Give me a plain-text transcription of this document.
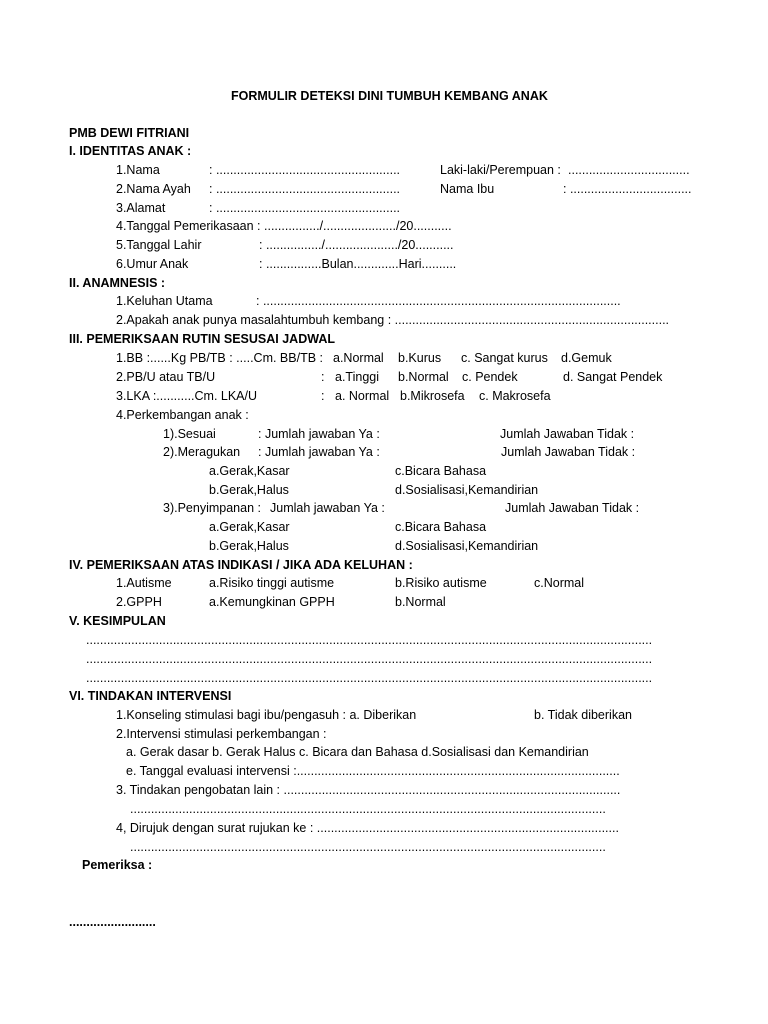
FORMULIR DETEKSI DINI TUMBUH KEMBANG ANAK
PMB DEWI FITRIANI
I. IDENTITAS ANAK :
1.Nama	: .....................................................	Laki-laki/Perempuan : ...................................
2.Nama Ayah : .....................................................	Nama Ibu	: ...................................
3.Alamat	: .....................................................
4.Tanggal Pemerikasaan : ................/...................../20...........
5.Tanggal Lahir	: ................/...................../20...........
6.Umur Anak	: ................Bulan.............Hari..........
II. ANAMNESIS :
1.Keluhan Utama	: .......................................................................................................
2.Apakah anak punya masalahtumbuh kembang : ...............................................................................
III. PEMERIKSAAN RUTIN SESUSAI JADWAL
1.BB :......Kg PB/TB : .....Cm. BB/TB : a.Normal b.Kurus c. Sangat kurus d.Gemuk
2.PB/U atau TB/U	: a.Tinggi b.Normal c. Pendek	d. Sangat Pendek
3.LKA :...........Cm. LKA/U	: a. Normal b.Mikrosefa c. Makrosefa
4.Perkembangan anak :
1).Sesuai	: Jumlah jawaban Ya :	Jumlah Jawaban Tidak :
2).Meragukan : Jumlah jawaban Ya :	Jumlah Jawaban Tidak :
a.Gerak,Kasar	c.Bicara Bahasa
b.Gerak,Halus	d.Sosialisasi,Kemandirian
3).Penyimpanan : Jumlah jawaban Ya :	Jumlah Jawaban Tidak :
a.Gerak,Kasar	c.Bicara Bahasa
b.Gerak,Halus	d.Sosialisasi,Kemandirian
IV. PEMERIKSAAN ATAS INDIKASI / JIKA ADA KELUHAN :
1.Autisme	a.Risiko tinggi autisme	b.Risiko autisme	c.Normal
2.GPPH	a.Kemungkinan GPPH	b.Normal
V. KESIMPULAN
...................................................................................................................................................................
...................................................................................................................................................................
...................................................................................................................................................................
VI. TINDAKAN INTERVENSI
1.Konseling stimulasi bagi ibu/pengasuh : a. Diberikan	b. Tidak diberikan
2.Intervensi stimulasi perkembangan :
a. Gerak dasar b. Gerak Halus c. Bicara dan Bahasa d.Sosialisasi dan Kemandirian
e. Tanggal evaluasi intervensi :.............................................................................................
3. Tindakan pengobatan lain : .................................................................................................
.........................................................................................................................................
4, Dirujuk dengan surat rujukan ke : .......................................................................................
.........................................................................................................................................
Pemeriksa :
.........................
